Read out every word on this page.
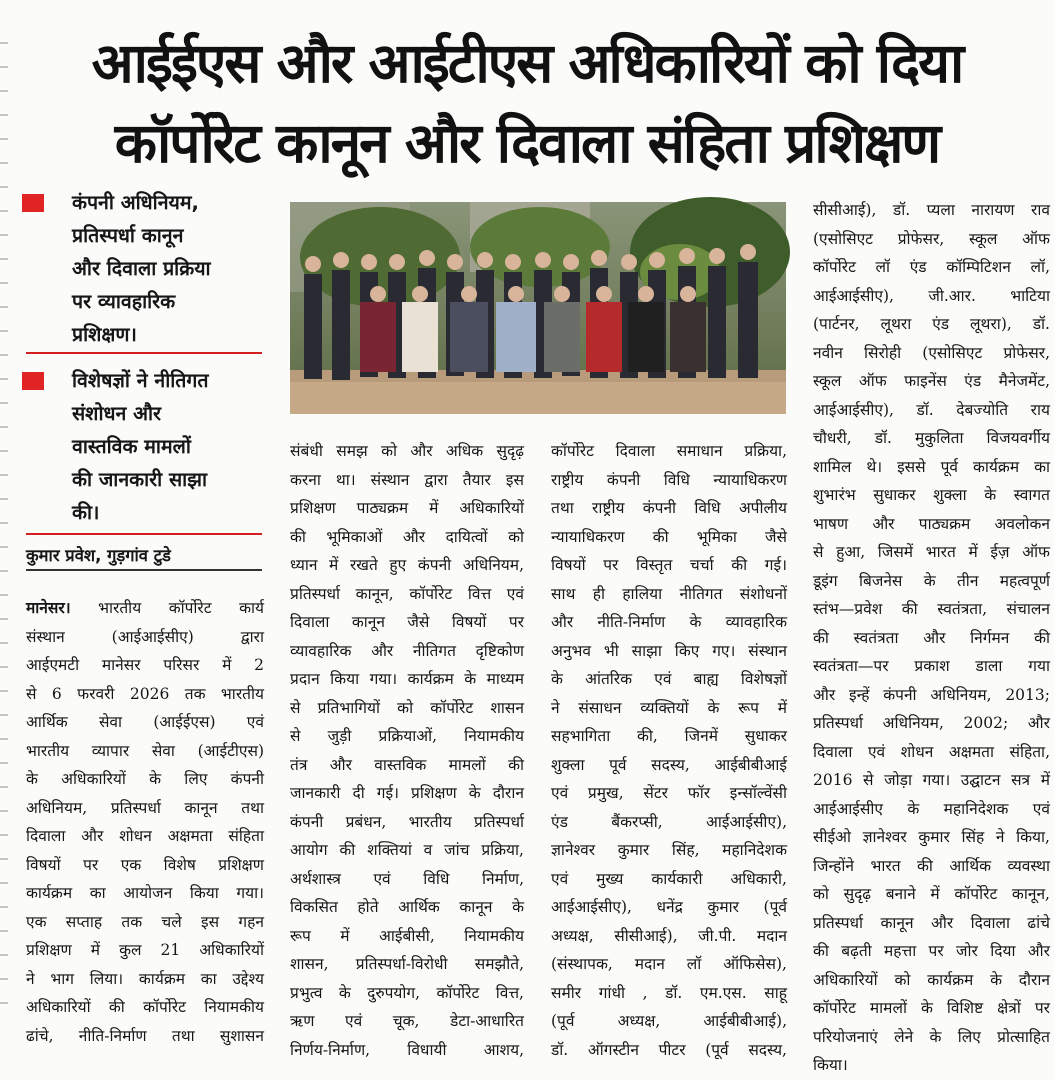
आईईएस और आईटीएस अधिकारियों को दिया
कॉर्पोरेट कानून और दिवाला संहिता प्रशिक्षण
कंपनी अधिनियम,
प्रतिस्पर्धा कानून
और दिवाला प्रक्रिया
पर व्यावहारिक
प्रशिक्षण।
विशेषज्ञों ने नीतिगत
संशोधन और
वास्तविक मामलों
की जानकारी साझा
की।
कुमार प्रवेश, गुड़गांव टुडे
मानेसर। भारतीय कॉर्पोरेट कार्य
संस्थान (आईआईसीए) द्वारा
आईएमटी मानेसर परिसर में 2
से 6 फरवरी 2026 तक भारतीय
आर्थिक सेवा (आईईएस) एवं
भारतीय व्यापार सेवा (आईटीएस)
के अधिकारियों के लिए कंपनी
अधिनियम, प्रतिस्पर्धा कानून तथा
दिवाला और शोधन अक्षमता संहिता
विषयों पर एक विशेष प्रशिक्षण
कार्यक्रम का आयोजन किया गया।
एक सप्ताह तक चले इस गहन
प्रशिक्षण में कुल 21 अधिकारियों
ने भाग लिया। कार्यक्रम का उद्देश्य
अधिकारियों की कॉर्पोरेट नियामकीय
ढांचे, नीति-निर्माण तथा सुशासन
संबंधी समझ को और अधिक सुदृढ़
करना था। संस्थान द्वारा तैयार इस
प्रशिक्षण पाठ्यक्रम में अधिकारियों
की भूमिकाओं और दायित्वों को
ध्यान में रखते हुए कंपनी अधिनियम,
प्रतिस्पर्धा कानून, कॉर्पोरेट वित्त एवं
दिवाला कानून जैसे विषयों पर
व्यावहारिक और नीतिगत दृष्टिकोण
प्रदान किया गया। कार्यक्रम के माध्यम
से प्रतिभागियों को कॉर्पोरेट शासन
से जुड़ी प्रक्रियाओं, नियामकीय
तंत्र और वास्तविक मामलों की
जानकारी दी गई। प्रशिक्षण के दौरान
कंपनी प्रबंधन, भारतीय प्रतिस्पर्धा
आयोग की शक्तियां व जांच प्रक्रिया,
अर्थशास्त्र एवं विधि निर्माण,
विकसित होते आर्थिक कानून के
रूप में आईबीसी, नियामकीय
शासन, प्रतिस्पर्धा-विरोधी समझौते,
प्रभुत्व के दुरुपयोग, कॉर्पोरेट वित्त,
ऋण एवं चूक, डेटा-आधारित
निर्णय-निर्माण, विधायी आशय,
कॉर्पोरेट दिवाला समाधान प्रक्रिया,
राष्ट्रीय कंपनी विधि न्यायाधिकरण
तथा राष्ट्रीय कंपनी विधि अपीलीय
न्यायाधिकरण की भूमिका जैसे
विषयों पर विस्तृत चर्चा की गई।
साथ ही हालिया नीतिगत संशोधनों
और नीति-निर्माण के व्यावहारिक
अनुभव भी साझा किए गए। संस्थान
के आंतरिक एवं बाह्य विशेषज्ञों
ने संसाधन व्यक्तियों के रूप में
सहभागिता की, जिनमें सुधाकर
शुक्ला पूर्व सदस्य, आईबीबीआई
एवं प्रमुख, सेंटर फॉर इन्सॉल्वेंसी
एंड बैंकरप्सी, आईआईसीए),
ज्ञानेश्वर कुमार सिंह, महानिदेशक
एवं मुख्य कार्यकारी अधिकारी,
आईआईसीए), धनेंद्र कुमार (पूर्व
अध्यक्ष, सीसीआई), जी.पी. मदान
(संस्थापक, मदान लॉ ऑफिसेस),
समीर गांधी , डॉ. एम.एस. साहू
(पूर्व अध्यक्ष, आईबीबीआई),
डॉ. ऑगस्टीन पीटर (पूर्व सदस्य,
सीसीआई), डॉ. प्यला नारायण राव
(एसोसिएट प्रोफेसर, स्कूल ऑफ
कॉर्पोरेट लॉ एंड कॉम्पिटिशन लॉ,
आईआईसीए), जी.आर. भाटिया
(पार्टनर, लूथरा एंड लूथरा), डॉ.
नवीन सिरोही (एसोसिएट प्रोफेसर,
स्कूल ऑफ फाइनेंस एंड मैनेजमेंट,
आईआईसीए), डॉ. देबज्योति राय
चौधरी, डॉ. मुकुलिता विजयवर्गीय
शामिल थे। इससे पूर्व कार्यक्रम का
शुभारंभ सुधाकर शुक्ला के स्वागत
भाषण और पाठ्यक्रम अवलोकन
से हुआ, जिसमें भारत में ईज़ ऑफ
डूइंग बिजनेस के तीन महत्वपूर्ण
स्तंभ—प्रवेश की स्वतंत्रता, संचालन
की स्वतंत्रता और निर्गमन की
स्वतंत्रता—पर प्रकाश डाला गया
और इन्हें कंपनी अधिनियम, 2013;
प्रतिस्पर्धा अधिनियम, 2002; और
दिवाला एवं शोधन अक्षमता संहिता,
2016 से जोड़ा गया। उद्घाटन सत्र में
आईआईसीए के महानिदेशक एवं
सीईओ ज्ञानेश्वर कुमार सिंह ने किया,
जिन्होंने भारत की आर्थिक व्यवस्था
को सुदृढ़ बनाने में कॉर्पोरेट कानून,
प्रतिस्पर्धा कानून और दिवाला ढांचे
की बढ़ती महत्ता पर जोर दिया और
अधिकारियों को कार्यक्रम के दौरान
कॉर्पोरेट मामलों के विशिष्ट क्षेत्रों पर
परियोजनाएं लेने के लिए प्रोत्साहित
किया।
